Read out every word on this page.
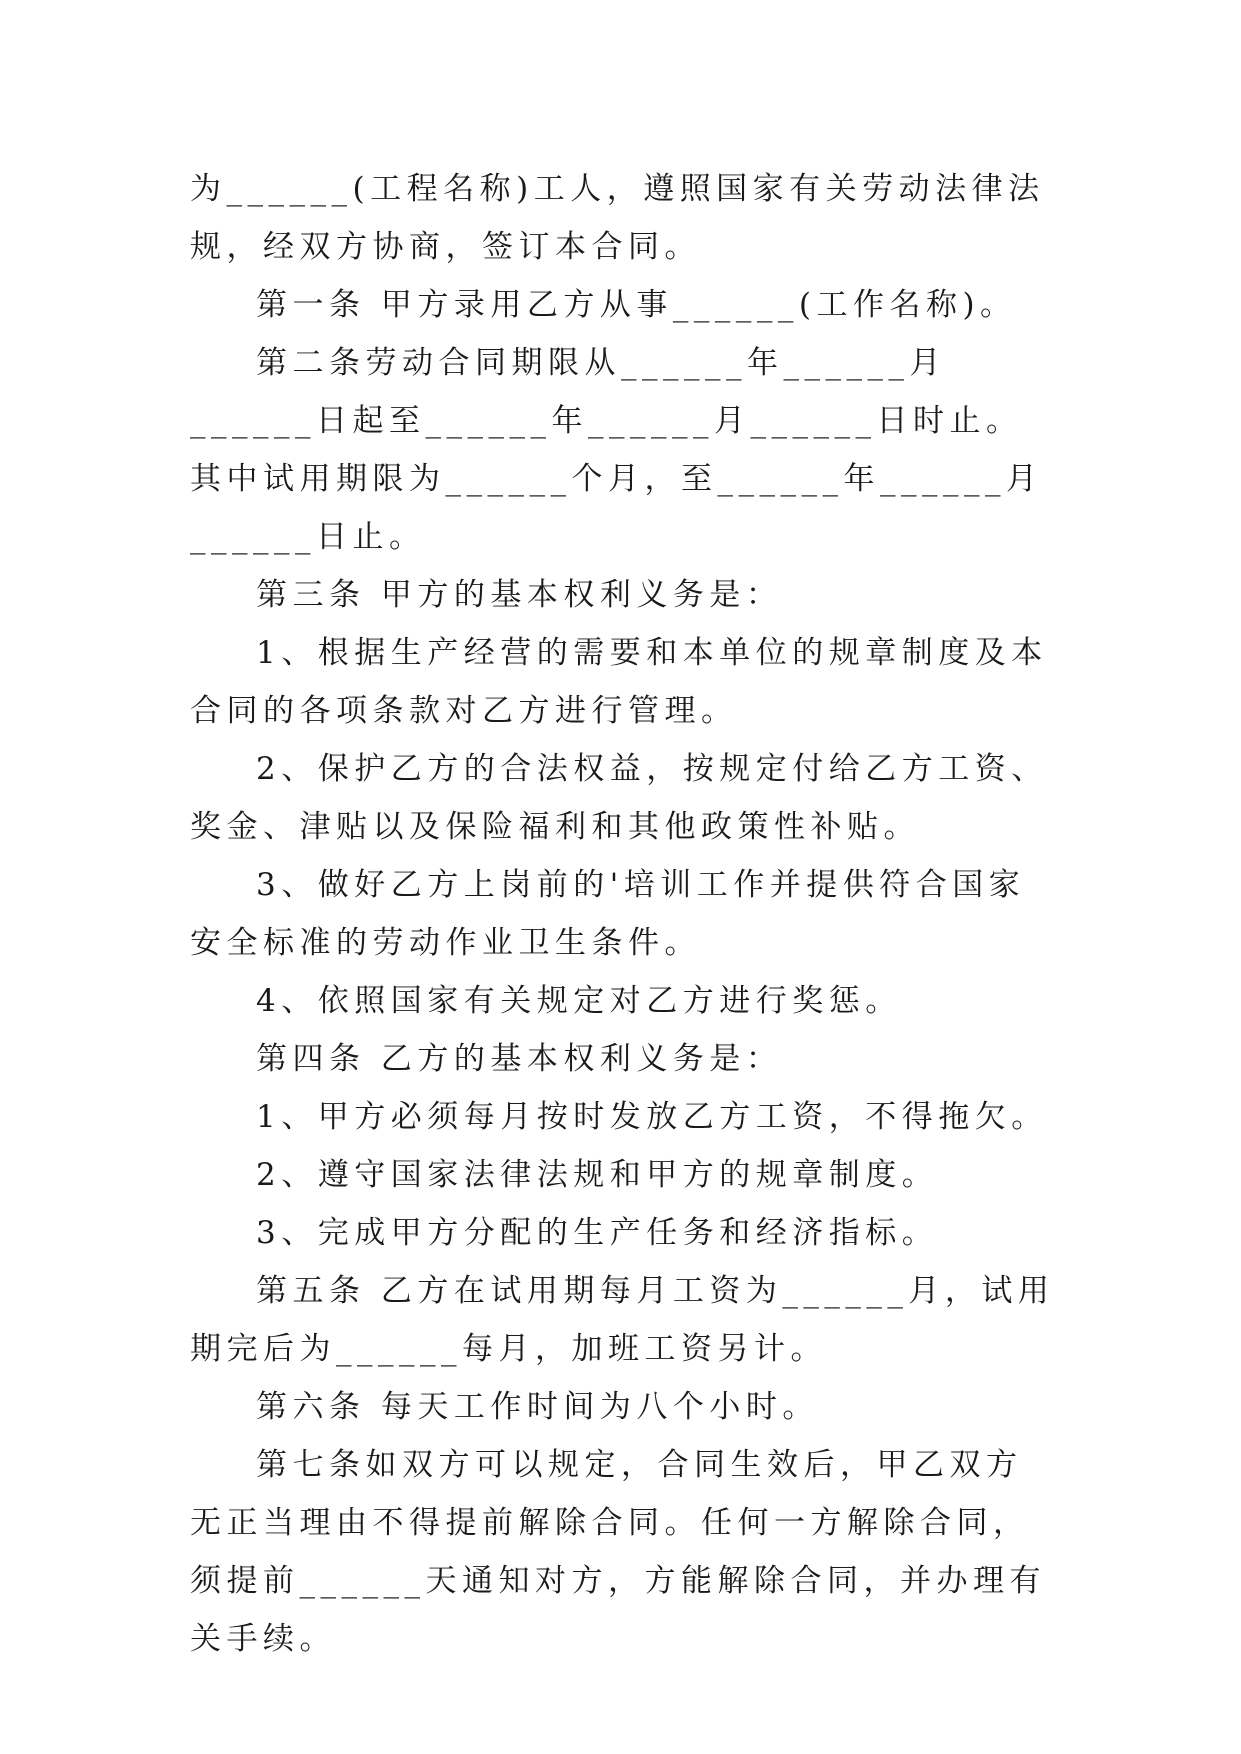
为______(工程名称)工人，遵照国家有关劳动法律法规，经双方协商，签订本合同。

第一条 甲方录用乙方从事______(工作名称)。

第二条劳动合同期限从______年______月______日起至______年______月______日时止。其中试用期限为______个月，至______年______月______日止。

第三条 甲方的基本权利义务是：

1、根据生产经营的需要和本单位的规章制度及本合同的各项条款对乙方进行管理。

2、保护乙方的合法权益，按规定付给乙方工资、奖金、津贴以及保险福利和其他政策性补贴。

3、做好乙方上岗前的'培训工作并提供符合国家安全标准的劳动作业卫生条件。

4、依照国家有关规定对乙方进行奖惩。

第四条 乙方的基本权利义务是：

1、甲方必须每月按时发放乙方工资，不得拖欠。

2、遵守国家法律法规和甲方的规章制度。

3、完成甲方分配的生产任务和经济指标。

第五条 乙方在试用期每月工资为______月，试用期完后为______每月，加班工资另计。

第六条 每天工作时间为八个小时。

第七条如双方可以规定，合同生效后，甲乙双方无正当理由不得提前解除合同。任何一方解除合同，须提前______天通知对方，方能解除合同，并办理有关手续。
